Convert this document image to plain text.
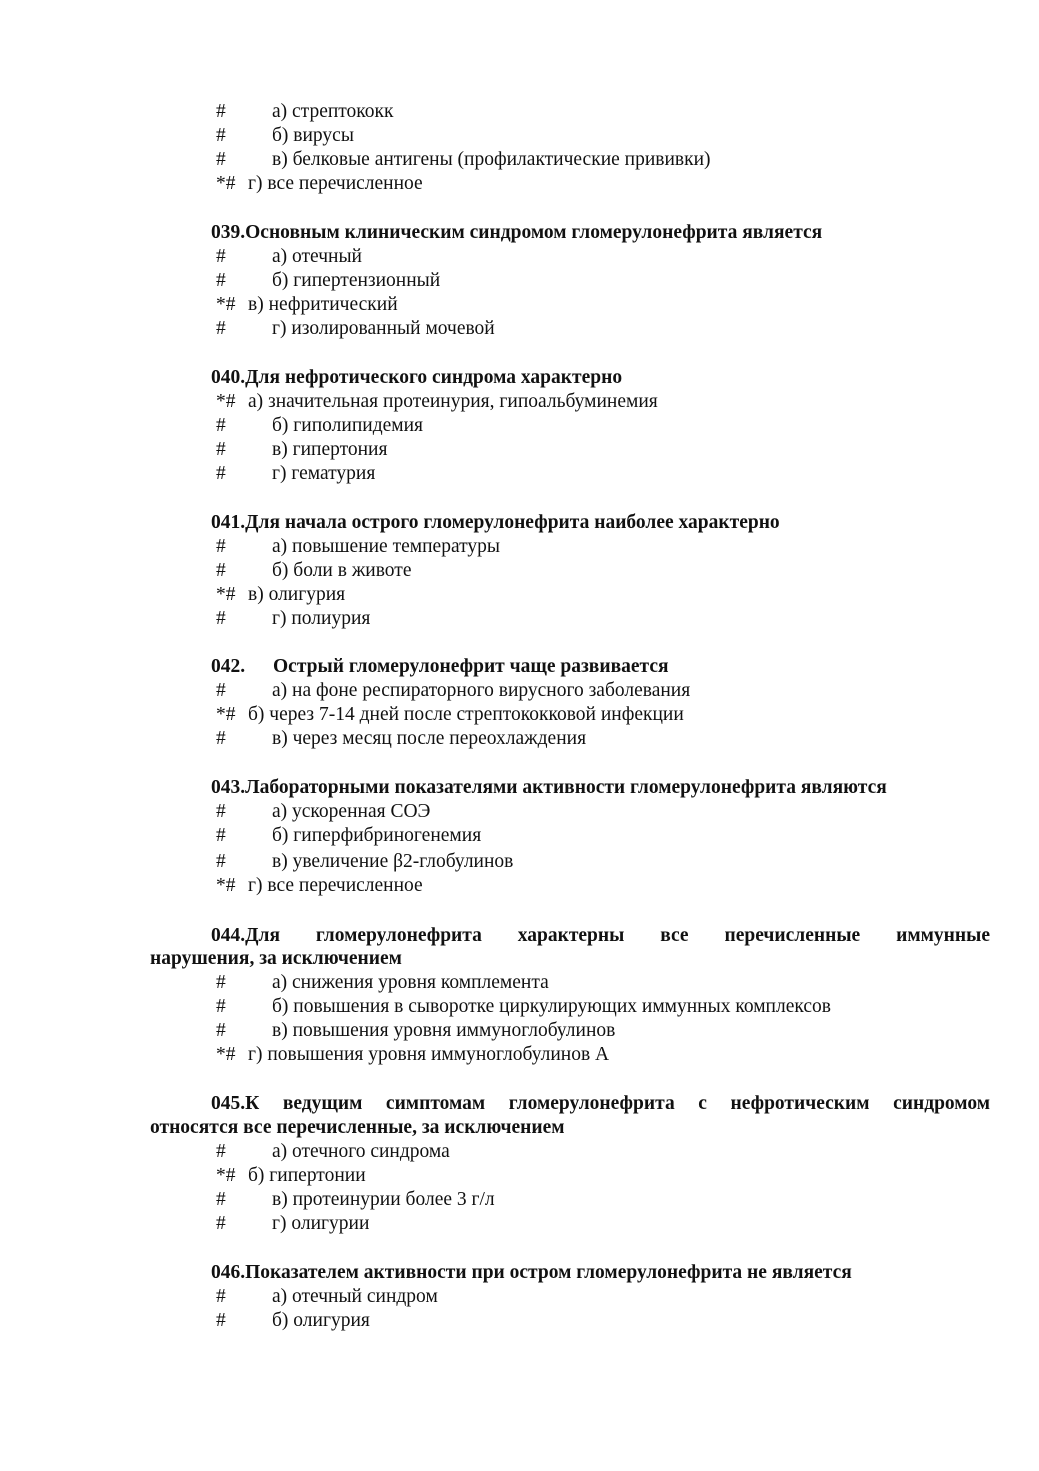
#	а) стрептококк
#	б) вирусы
#	в) белковые антигены (профилактические прививки)
*# г) все перечисленное
039.Основным клиническим синдромом гломерулонефрита является
#	а) отечный
#	б) гипертензионный
*# в) нефритический
#	г) изолированный мочевой
040.Для нефротического синдрома характерно
*# а) значительная протеинурия, гипоальбуминемия
#	б) гиполипидемия
#	в) гипертония
#	г) гематурия
041.Для начала острого гломерулонефрита наиболее характерно
#	а) повышение температуры
#	б) боли в животе
*# в) олигурия
#	г) полиурия
042. Острый гломерулонефрит чаще развивается
#	а) на фоне респираторного вирусного заболевания
*# б) через 7-14 дней после стрептококковой инфекции
#	в) через месяц после переохлаждения
043.Лабораторными показателями активности гломерулонефрита являются
#	а) ускоренная СОЭ
#	б) гиперфибриногенемия
#	в) увеличение β2-глобулинов
*# г) все перечисленное
044.Для гломерулонефрита характерны все перечисленные иммунные
нарушения, за исключением
#	а) снижения уровня комплемента
#	б) повышения в сыворотке циркулирующих иммунных комплексов
#	в) повышения уровня иммуноглобулинов
*# г) повышения уровня иммуноглобулинов А
045.К ведущим симптомам гломерулонефрита с нефротическим синдромом
относятся все перечисленные, за исключением
#	а) отечного синдрома
*# б) гипертонии
#	в) протеинурии более 3 г/л
#	г) олигурии
046.Показателем активности при остром гломерулонефрита не является
#	а) отечный синдром
#	б) олигурия
